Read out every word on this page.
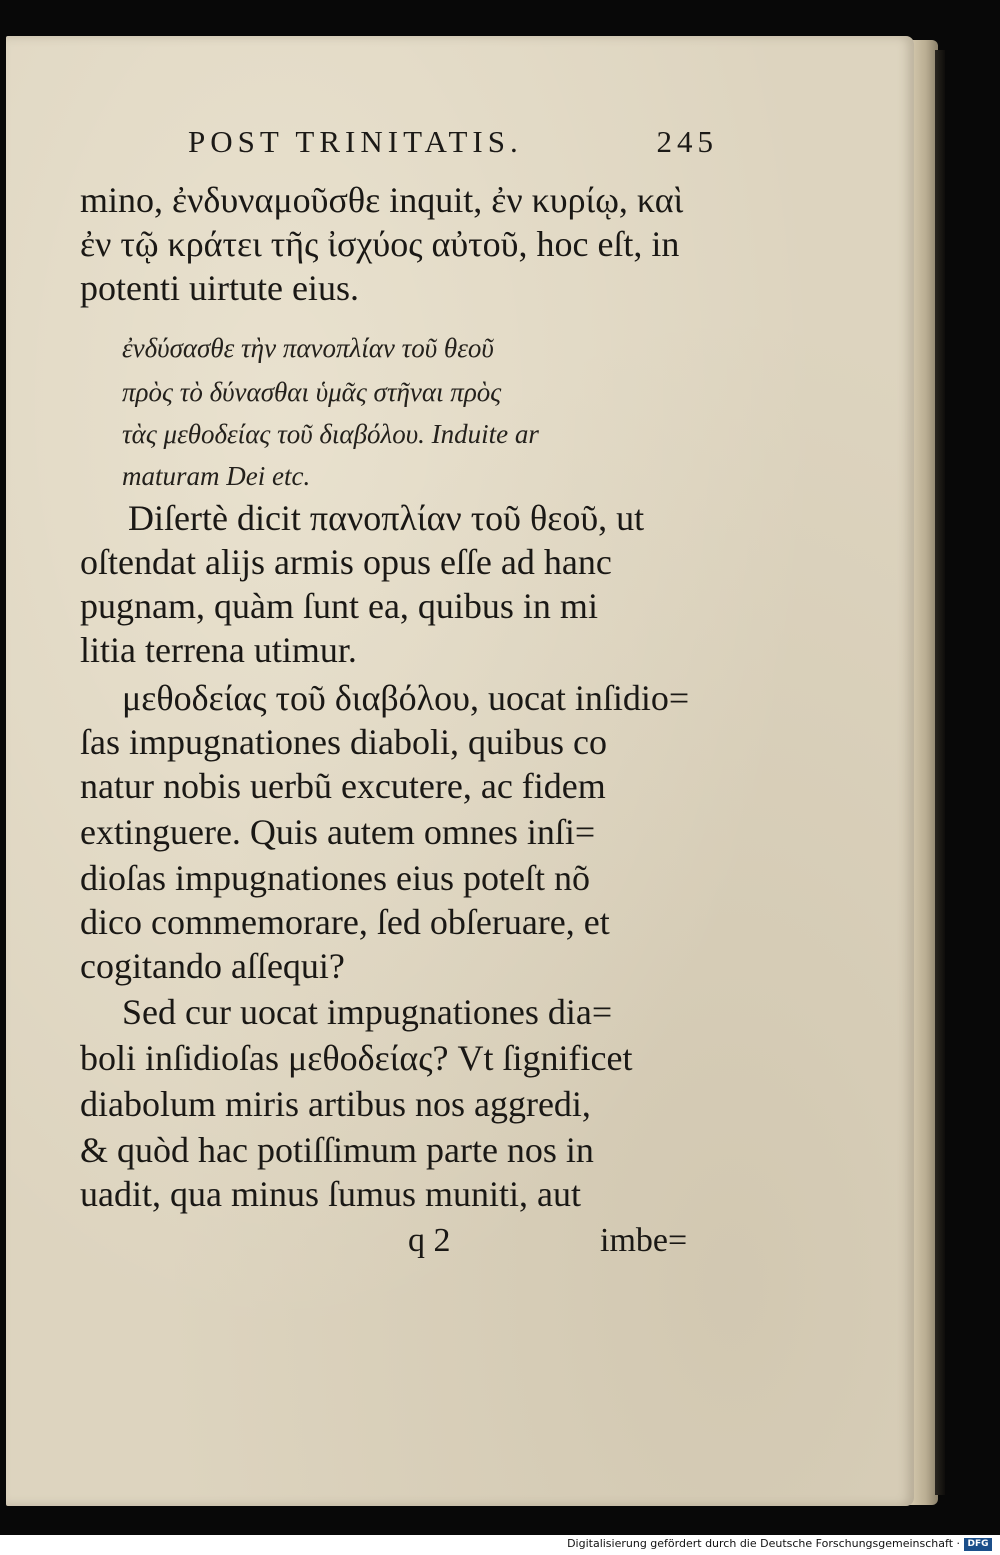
POST TRINITATIS.	245
mino, ἐνδυναμοῦσθε inquit, ἐν κυρίῳ, καὶ
ἐν τῷ κράτει τῆς ἰσχύος αὐτοῦ, hoc eſt, in
potenti uirtute eius.
ἐνδύσασθε τὴν πανοπλίαν τοῦ θεοῦ
πρὸς τὸ δύνασθαι ὑμᾶς στῆναι πρὸς
τὰς μεθοδείας τοῦ διαβόλου. Induite ar
maturam Dei etc.
Diſertè dicit πανοπλίαν τοῦ θεοῦ, ut
oſtendat alijs armis opus eſſe ad hanc
pugnam, quàm ſunt ea, quibus in mi
litia terrena utimur.
μεθοδείας τοῦ διαβόλου, uocat inſidio=
ſas impugnationes diaboli, quibus co
natur nobis uerbũ excutere, ac fidem
extinguere. Quis autem omnes inſi=
dioſas impugnationes eius poteſt nõ
dico commemorare, ſed obſeruare, et
cogitando aſſequi?
Sed cur uocat impugnationes dia=
boli inſidioſas μεθοδείας? Vt ſignificet
diabolum miris artibus nos aggredi,
& quòd hac potiſſimum parte nos in
uadit, qua minus ſumus muniti, aut
q 2	imbe=
Digitalisierung gefördert durch die Deutsche Forschungsgemeinschaft · DFG
